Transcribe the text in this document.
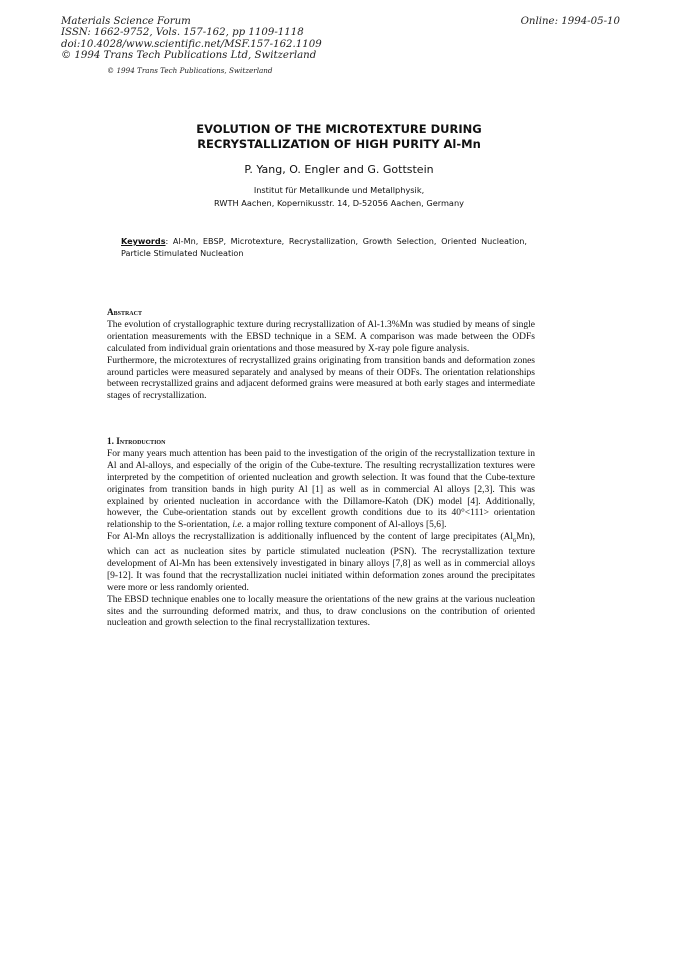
Materials Science Forum
ISSN: 1662-9752, Vols. 157-162, pp 1109-1118
doi:10.4028/www.scientific.net/MSF.157-162.1109
© 1994 Trans Tech Publications Ltd, Switzerland
Online: 1994-05-10
© 1994 Trans Tech Publications, Switzerland
EVOLUTION OF THE MICROTEXTURE DURING
RECRYSTALLIZATION OF HIGH PURITY Al-Mn
P. Yang, O. Engler and G. Gottstein
Institut für Metallkunde und Metallphysik,
RWTH Aachen, Kopernikusstr. 14, D-52056 Aachen, Germany
Keywords: Al-Mn, EBSP, Microtexture, Recrystallization, Growth Selection, Oriented Nucleation, Particle Stimulated Nucleation
Abstract

The evolution of crystallographic texture during recrystallization of Al-1.3%Mn was studied by means of single orientation measurements with the EBSD technique in a SEM. A comparison was made between the ODFs calculated from individual grain orientations and those measured by X-ray pole figure analysis.

Furthermore, the microtextures of recrystallized grains originating from transition bands and deformation zones around particles were measured separately and analysed by means of their ODFs. The orientation relationships between recrystallized grains and adjacent deformed grains were measured at both early stages and intermediate stages of recrystallization.

1. Introduction

For many years much attention has been paid to the investigation of the origin of the recrystallization texture in Al and Al-alloys, and especially of the origin of the Cube-texture. The resulting recrystallization textures were interpreted by the competition of oriented nucleation and growth selection. It was found that the Cube-texture originates from transition bands in high purity Al [1] as well as in commercial Al alloys [2,3]. This was explained by oriented nucleation in accordance with the Dillamore-Katoh (DK) model [4]. Additionally, however, the Cube-orientation stands out by excellent growth conditions due to its 40°<111> orientation relationship to the S-orientation, i.e. a major rolling texture component of Al-alloys [5,6].

For Al-Mn alloys the recrystallization is additionally influenced by the content of large precipitates $(Al_6Mn)$, which can act as nucleation sites by particle stimulated nucleation (PSN). The recrystallization texture development of Al-Mn has been extensively investigated in binary alloys [7,8] as well as in commercial alloys [9-12]. It was found that the recrystallization nuclei initiated within deformation zones around the precipitates were more or less randomly oriented.

The EBSD technique enables one to locally measure the orientations of the new grains at the various nucleation sites and the surrounding deformed matrix, and thus, to draw conclusions on the contribution of oriented nucleation and growth selection to the final recrystallization textures.
